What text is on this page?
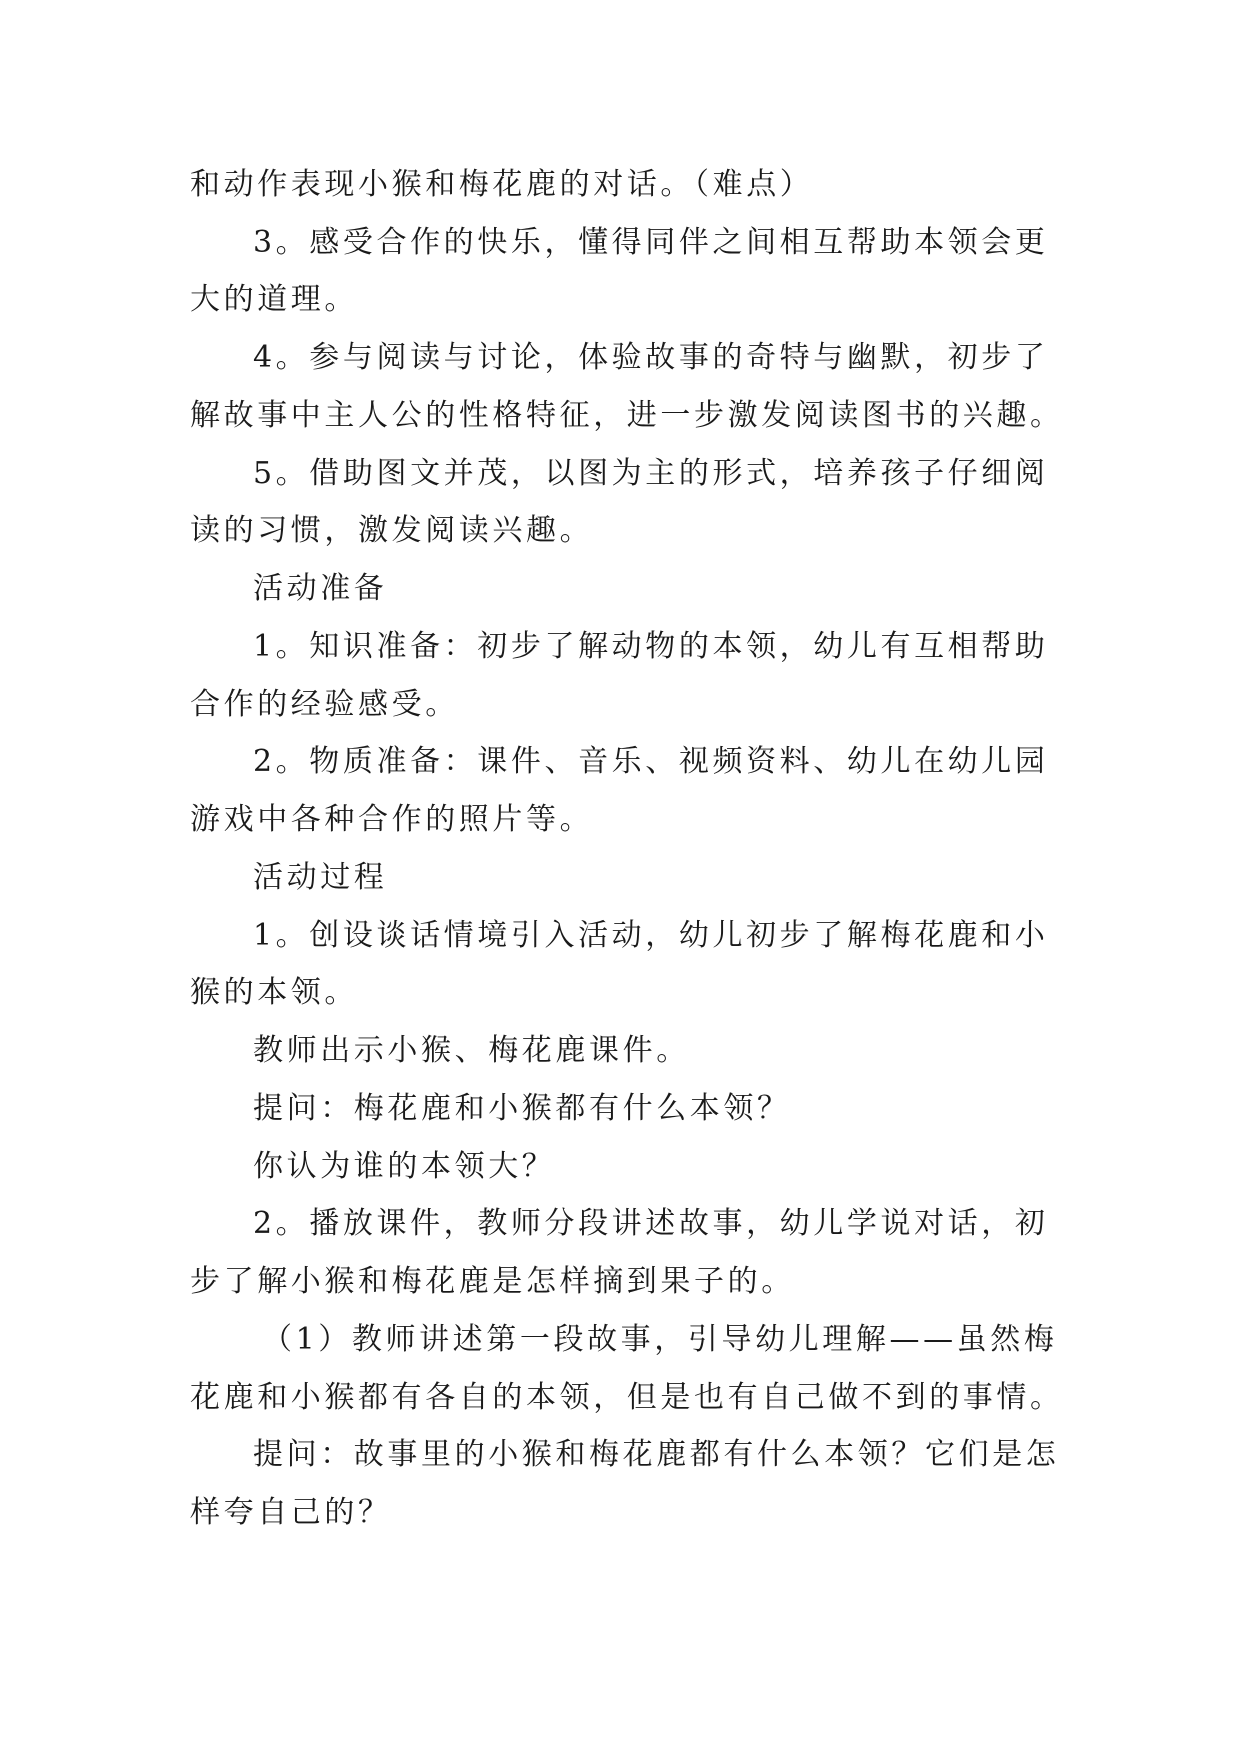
和动作表现小猴和梅花鹿的对话。（难点）
3。感受合作的快乐，懂得同伴之间相互帮助本领会更
大的道理。
4。参与阅读与讨论，体验故事的奇特与幽默，初步了
解故事中主人公的性格特征，进一步激发阅读图书的兴趣。
5。借助图文并茂，以图为主的形式，培养孩子仔细阅
读的习惯，激发阅读兴趣。
活动准备
1。知识准备：初步了解动物的本领，幼儿有互相帮助
合作的经验感受。
2。物质准备：课件、音乐、视频资料、幼儿在幼儿园
游戏中各种合作的照片等。
活动过程
1。创设谈话情境引入活动，幼儿初步了解梅花鹿和小
猴的本领。
教师出示小猴、梅花鹿课件。
提问：梅花鹿和小猴都有什么本领？
你认为谁的本领大？
2。播放课件，教师分段讲述故事，幼儿学说对话，初
步了解小猴和梅花鹿是怎样摘到果子的。
（1）教师讲述第一段故事，引导幼儿理解——虽然梅
花鹿和小猴都有各自的本领，但是也有自己做不到的事情。
提问：故事里的小猴和梅花鹿都有什么本领？它们是怎
样夸自己的？
